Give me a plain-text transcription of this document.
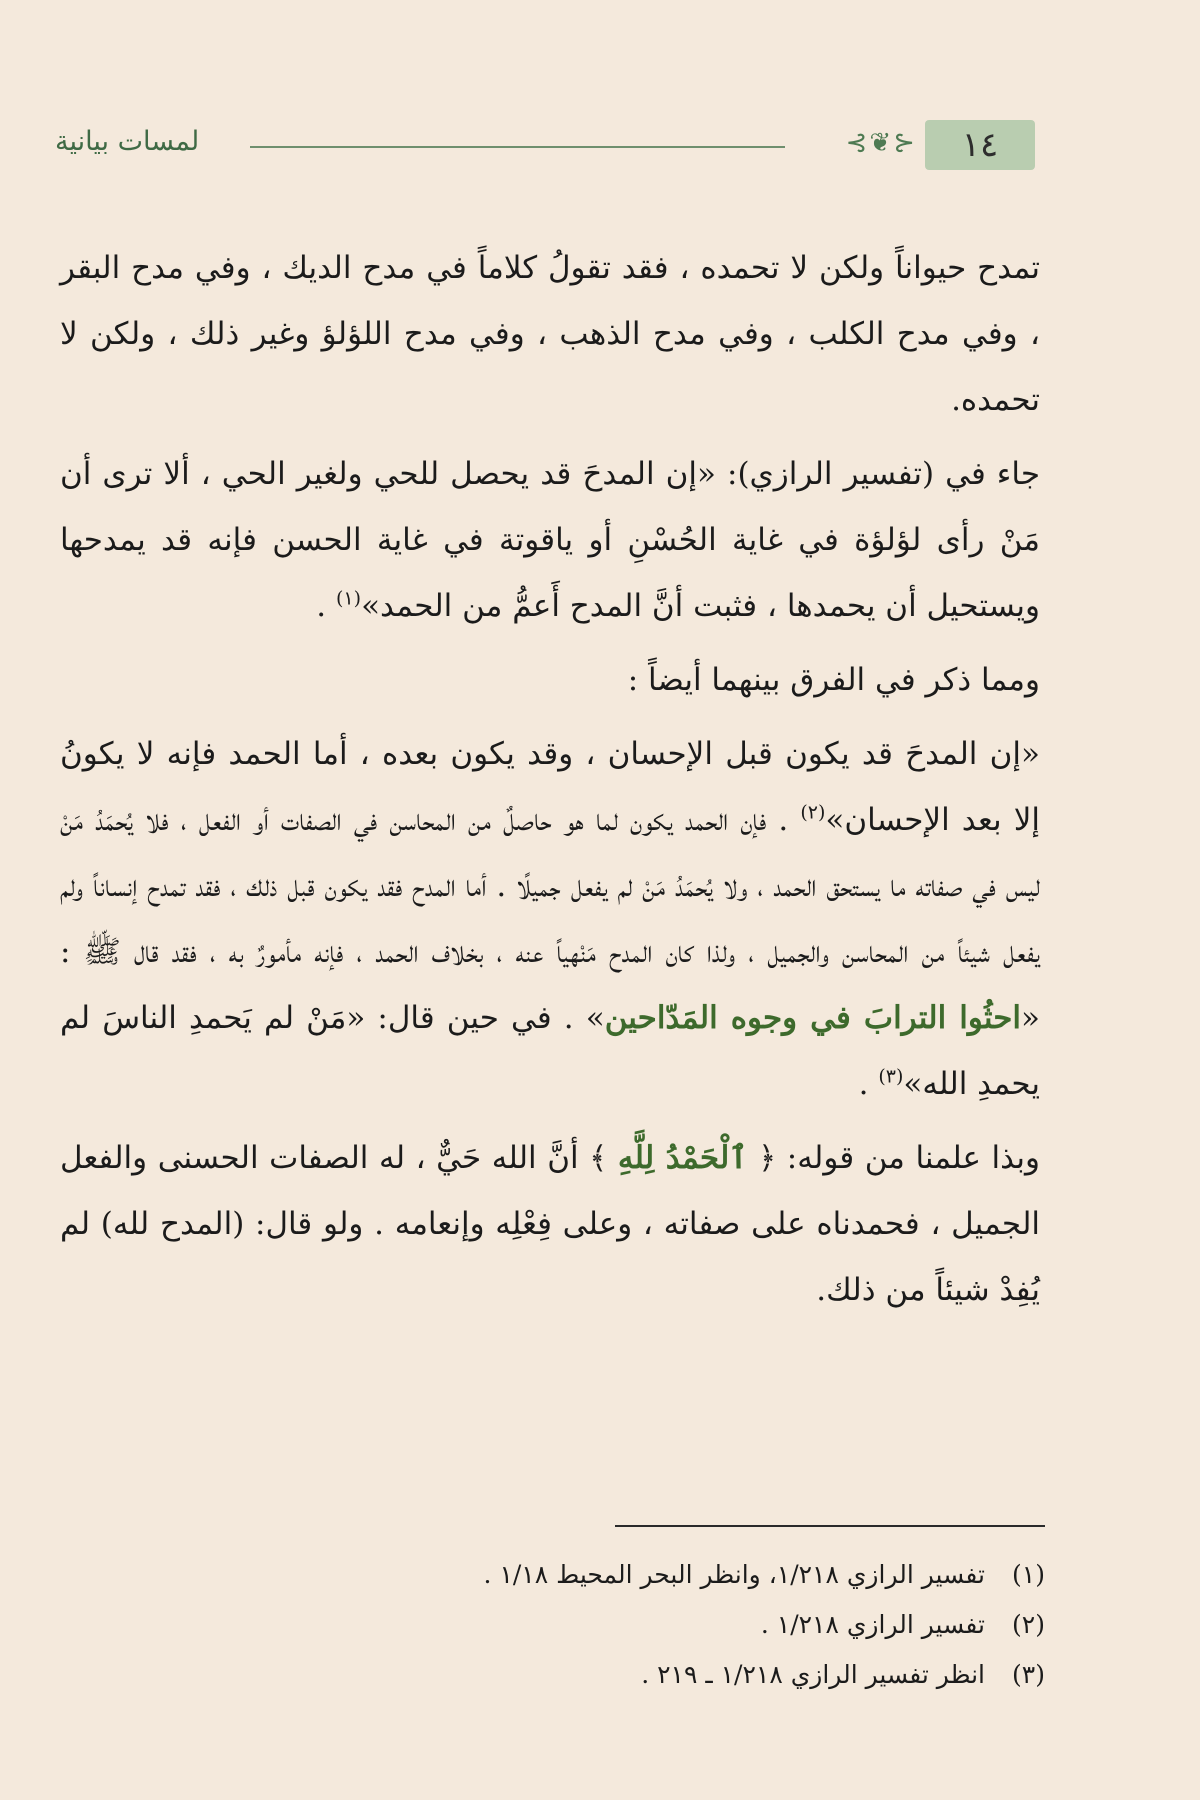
١٤
⊰❦⊱
لمسات بيانية

تمدح حيواناً ولكن لا تحمده ، فقد تقولُ كلاماً في مدح الديك ، وفي مدح البقر ، وفي مدح الكلب ، وفي مدح الذهب ، وفي مدح اللؤلؤ وغير ذلك ، ولكن لا تحمده.

جاء في (تفسير الرازي): «إن المدحَ قد يحصل للحي ولغير الحي ، ألا ترى أن مَنْ رأى لؤلؤة في غاية الحُسْنِ أو ياقوتة في غاية الحسن فإنه قد يمدحها ويستحيل أن يحمدها ، فثبت أنَّ المدح أَعمُّ من الحمد»$^{(١)}$ .

ومما ذكر في الفرق بينهما أيضاً :

«إن المدحَ قد يكون قبل الإحسان ، وقد يكون بعده ، أما الحمد فإنه لا يكونُ إلا بعد الإحسان»$^{(٢)}$ . فإن الحمد يكون لما هو حاصلٌ من المحاسن في الصفات أو الفعل ، فلا يُحمَدُ مَنْ ليس في صفاته ما يستحق الحمد ، ولا يُحمَدُ مَنْ لم يفعل جميلًا . أما المدح فقد يكون قبل ذلك ، فقد تمدح إنساناً ولم يفعل شيئاً من المحاسن والجميل ، ولذا كان المدح مَنْهياً عنه ، بخلاف الحمد ، فإنه مأمورٌ به ، فقد قال ﷺ : «احثُوا الترابَ في وجوه المَدّاحين» . في حين قال: «مَنْ لم يَحمدِ الناسَ لم يحمدِ الله»$^{(٣)}$ .

وبذا علمنا من قوله: ﴿ ٱلْحَمْدُ لِلَّهِ ﴾ أنَّ الله حَيٌّ ، له الصفات الحسنى والفعل الجميل ، فحمدناه على صفاته ، وعلى فِعْلِه وإنعامه . ولو قال: (المدح لله) لم يُفِدْ شيئاً من ذلك.

(١)
تفسير الرازي ١/٢١٨، وانظر البحر المحيط ١/١٨ .
(٢)
تفسير الرازي ١/٢١٨ .
(٣)
انظر تفسير الرازي ١/٢١٨ ـ ٢١٩ .
